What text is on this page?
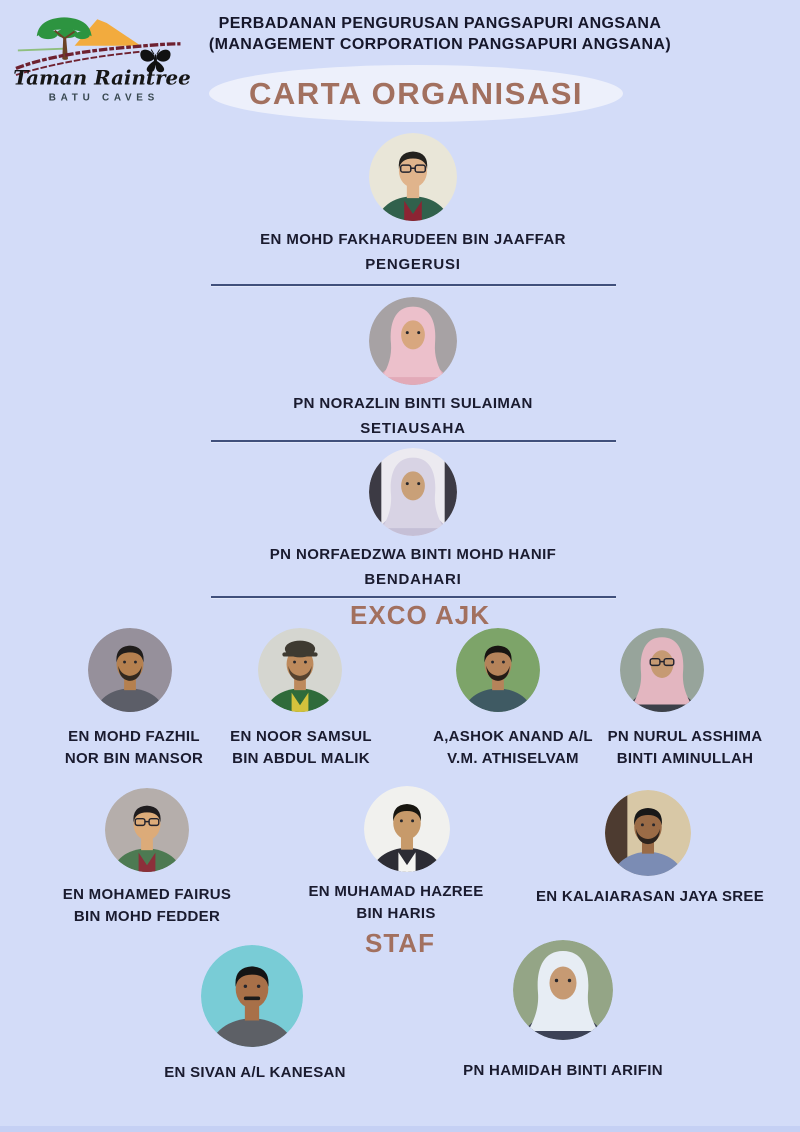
Taman Raintree
BATU CAVES
PERBADANAN PENGURUSAN PANGSAPURI ANGSANA
(MANAGEMENT CORPORATION PANGSAPURI ANGSANA)
CARTA ORGANISASI
EN MOHD FAKHARUDEEN BIN JAAFFAR
PENGERUSI
PN NORAZLIN BINTI SULAIMAN
SETIAUSAHA
PN NORFAEDZWA BINTI MOHD HANIF
BENDAHARI
EXCO AJK
EN MOHD FAZHIL
NOR BIN MANSOR
EN NOOR SAMSUL
BIN ABDUL MALIK
A,ASHOK ANAND A/L
V.M. ATHISELVAM
PN NURUL ASSHIMA
BINTI AMINULLAH
EN MOHAMED FAIRUS
BIN MOHD FEDDER
EN MUHAMAD HAZREE
BIN HARIS
EN KALAIARASAN JAYA SREE
STAF
EN SIVAN A/L KANESAN	PN HAMIDAH BINTI ARIFIN
